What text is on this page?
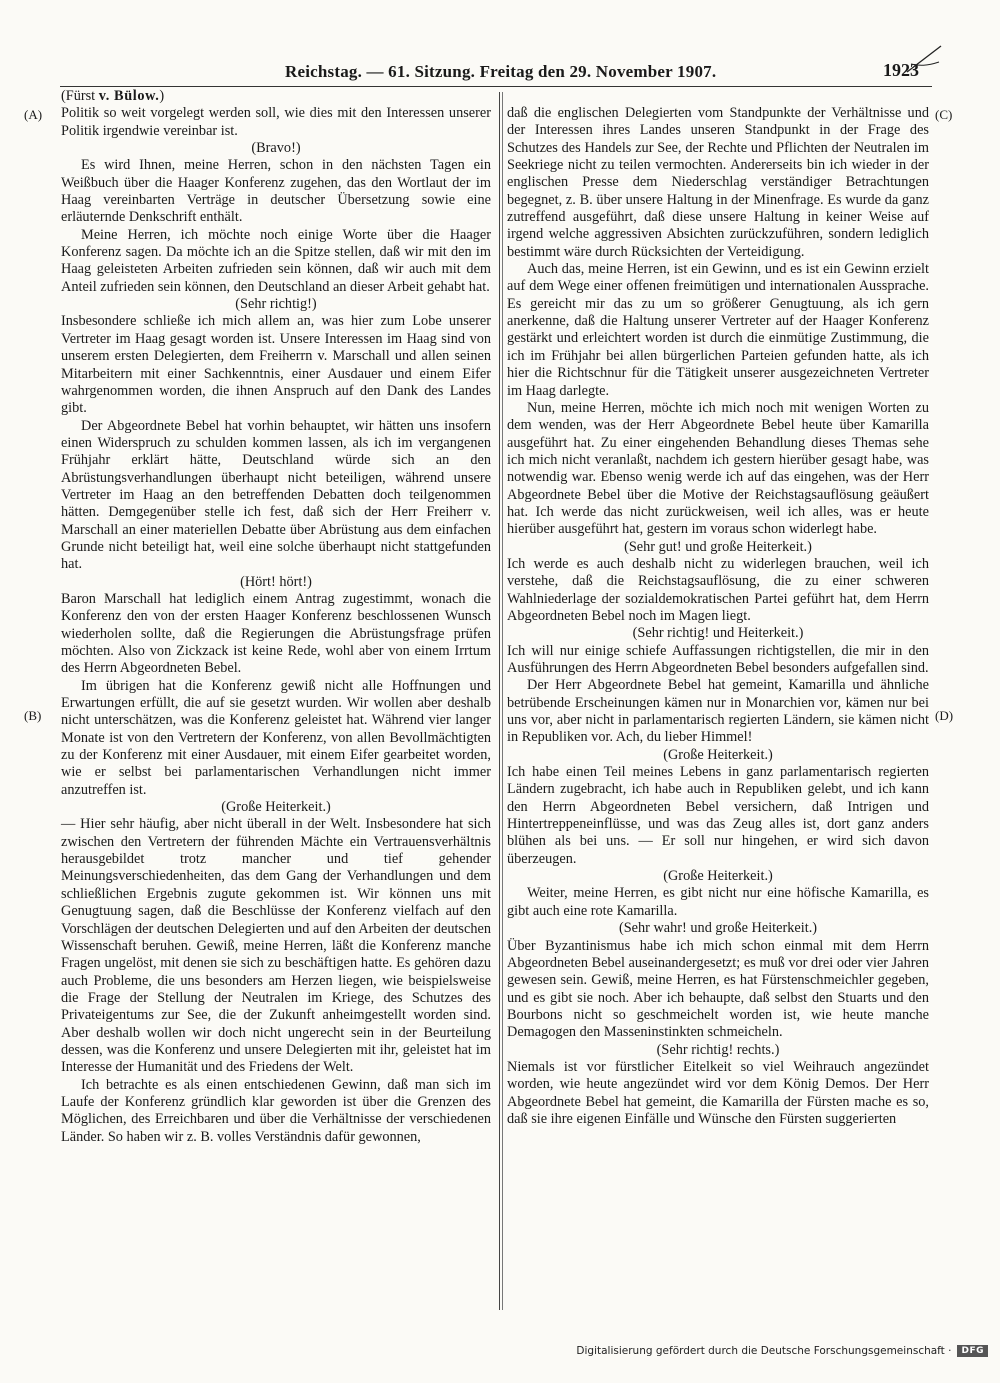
Reichstag. — 61. Sitzung. Freitag den 29. November 1907.	1923
(A)
(B)
(C)
(D)

(Fürst v. Bülow.)

Politik so weit vorgelegt werden soll, wie dies mit den Interessen unserer Politik irgendwie vereinbar ist.

(Bravo!)

Es wird Ihnen, meine Herren, schon in den nächsten Tagen ein Weißbuch über die Haager Konferenz zugehen, das den Wortlaut der im Haag vereinbarten Verträge in deutscher Übersetzung sowie eine erläuternde Denkschrift enthält.

Meine Herren, ich möchte noch einige Worte über die Haager Konferenz sagen. Da möchte ich an die Spitze stellen, daß wir mit den im Haag geleisteten Arbeiten zufrieden sein können, daß wir auch mit dem Anteil zufrieden sein können, den Deutschland an dieser Arbeit gehabt hat.

(Sehr richtig!)

Insbesondere schließe ich mich allem an, was hier zum Lobe unserer Vertreter im Haag gesagt worden ist. Unsere Interessen im Haag sind von unserem ersten Delegierten, dem Freiherrn v. Marschall und allen seinen Mitarbeitern mit einer Sachkenntnis, einer Ausdauer und einem Eifer wahrgenommen worden, die ihnen Anspruch auf den Dank des Landes gibt.

Der Abgeordnete Bebel hat vorhin behauptet, wir hätten uns insofern einen Widerspruch zu schulden kommen lassen, als ich im vergangenen Frühjahr erklärt hätte, Deutschland würde sich an den Abrüstungsverhandlungen überhaupt nicht beteiligen, während unsere Vertreter im Haag an den betreffenden Debatten doch teilgenommen hätten. Demgegenüber stelle ich fest, daß sich der Herr Freiherr v. Marschall an einer materiellen Debatte über Abrüstung aus dem einfachen Grunde nicht beteiligt hat, weil eine solche überhaupt nicht stattgefunden hat.

(Hört! hört!)

Baron Marschall hat lediglich einem Antrag zugestimmt, wonach die Konferenz den von der ersten Haager Konferenz beschlossenen Wunsch wiederholen sollte, daß die Regierungen die Abrüstungsfrage prüfen möchten. Also von Zickzack ist keine Rede, wohl aber von einem Irrtum des Herrn Abgeordneten Bebel.

Im übrigen hat die Konferenz gewiß nicht alle Hoffnungen und Erwartungen erfüllt, die auf sie gesetzt wurden. Wir wollen aber deshalb nicht unterschätzen, was die Konferenz geleistet hat. Während vier langer Monate ist von den Vertretern der Konferenz, von allen Bevollmächtigten zu der Konferenz mit einer Ausdauer, mit einem Eifer gearbeitet worden, wie er selbst bei parlamentarischen Verhandlungen nicht immer anzutreffen ist.

(Große Heiterkeit.)

— Hier sehr häufig, aber nicht überall in der Welt. Insbesondere hat sich zwischen den Vertretern der führenden Mächte ein Vertrauensverhältnis herausgebildet trotz mancher und tief gehender Meinungsverschiedenheiten, das dem Gang der Verhandlungen und dem schließlichen Ergebnis zugute gekommen ist. Wir können uns mit Genugtuung sagen, daß die Beschlüsse der Konferenz vielfach auf den Vorschlägen der deutschen Delegierten und auf den Arbeiten der deutschen Wissenschaft beruhen. Gewiß, meine Herren, läßt die Konferenz manche Fragen ungelöst, mit denen sie sich zu beschäftigen hatte. Es gehören dazu auch Probleme, die uns besonders am Herzen liegen, wie beispielsweise die Frage der Stellung der Neutralen im Kriege, des Schutzes des Privateigentums zur See, die der Zukunft anheimgestellt worden sind. Aber deshalb wollen wir doch nicht ungerecht sein in der Beurteilung dessen, was die Konferenz und unsere Delegierten mit ihr, geleistet hat im Interesse der Humanität und des Friedens der Welt.

Ich betrachte es als einen entschiedenen Gewinn, daß man sich im Laufe der Konferenz gründlich klar geworden ist über die Grenzen des Möglichen, des Erreichbaren und über die Verhältnisse der verschiedenen Länder. So haben wir z. B. volles Verständnis dafür gewonnen,

daß die englischen Delegierten vom Standpunkte der Verhältnisse und der Interessen ihres Landes unseren Standpunkt in der Frage des Schutzes des Handels zur See, der Rechte und Pflichten der Neutralen im Seekriege nicht zu teilen vermochten. Andererseits bin ich wieder in der englischen Presse dem Niederschlag verständiger Betrachtungen begegnet, z. B. über unsere Haltung in der Minenfrage. Es wurde da ganz zutreffend ausgeführt, daß diese unsere Haltung in keiner Weise auf irgend welche aggressiven Absichten zurückzuführen, sondern lediglich bestimmt wäre durch Rücksichten der Verteidigung.

Auch das, meine Herren, ist ein Gewinn, und es ist ein Gewinn erzielt auf dem Wege einer offenen freimütigen und internationalen Aussprache. Es gereicht mir das zu um so größerer Genugtuung, als ich gern anerkenne, daß die Haltung unserer Vertreter auf der Haager Konferenz gestärkt und erleichtert worden ist durch die einmütige Zustimmung, die ich im Frühjahr bei allen bürgerlichen Parteien gefunden hatte, als ich hier die Richtschnur für die Tätigkeit unserer ausgezeichneten Vertreter im Haag darlegte.

Nun, meine Herren, möchte ich mich noch mit wenigen Worten zu dem wenden, was der Herr Abgeordnete Bebel heute über Kamarilla ausgeführt hat. Zu einer eingehenden Behandlung dieses Themas sehe ich mich nicht veranlaßt, nachdem ich gestern hierüber gesagt habe, was notwendig war. Ebenso wenig werde ich auf das eingehen, was der Herr Abgeordnete Bebel über die Motive der Reichstagsauflösung geäußert hat. Ich werde das nicht zurückweisen, weil ich alles, was er heute hierüber ausgeführt hat, gestern im voraus schon widerlegt habe.

(Sehr gut! und große Heiterkeit.)

Ich werde es auch deshalb nicht zu widerlegen brauchen, weil ich verstehe, daß die Reichstagsauflösung, die zu einer schweren Wahlniederlage der sozialdemokratischen Partei geführt hat, dem Herrn Abgeordneten Bebel noch im Magen liegt.

(Sehr richtig! und Heiterkeit.)

Ich will nur einige schiefe Auffassungen richtigstellen, die mir in den Ausführungen des Herrn Abgeordneten Bebel besonders aufgefallen sind.

Der Herr Abgeordnete Bebel hat gemeint, Kamarilla und ähnliche betrübende Erscheinungen kämen nur in Monarchien vor, kämen nur bei uns vor, aber nicht in parlamentarisch regierten Ländern, sie kämen nicht in Republiken vor. Ach, du lieber Himmel!

(Große Heiterkeit.)

Ich habe einen Teil meines Lebens in ganz parlamentarisch regierten Ländern zugebracht, ich habe auch in Republiken gelebt, und ich kann den Herrn Abgeordneten Bebel versichern, daß Intrigen und Hintertreppeneinflüsse, und was das Zeug alles ist, dort ganz anders blühen als bei uns. — Er soll nur hingehen, er wird sich davon überzeugen.

(Große Heiterkeit.)

Weiter, meine Herren, es gibt nicht nur eine höfische Kamarilla, es gibt auch eine rote Kamarilla.

(Sehr wahr! und große Heiterkeit.)

Über Byzantinismus habe ich mich schon einmal mit dem Herrn Abgeordneten Bebel auseinandergesetzt; es muß vor drei oder vier Jahren gewesen sein. Gewiß, meine Herren, es hat Fürstenschmeichler gegeben, und es gibt sie noch. Aber ich behaupte, daß selbst den Stuarts und den Bourbons nicht so geschmeichelt worden ist, wie heute manche Demagogen den Masseninstinkten schmeicheln.

(Sehr richtig! rechts.)

Niemals ist vor fürstlicher Eitelkeit so viel Weihrauch angezündet worden, wie heute angezündet wird vor dem König Demos. Der Herr Abgeordnete Bebel hat gemeint, die Kamarilla der Fürsten mache es so, daß sie ihre eigenen Einfälle und Wünsche den Fürsten suggerierten

Digitalisierung gefördert durch die Deutsche Forschungsgemeinschaft ·	DFG
